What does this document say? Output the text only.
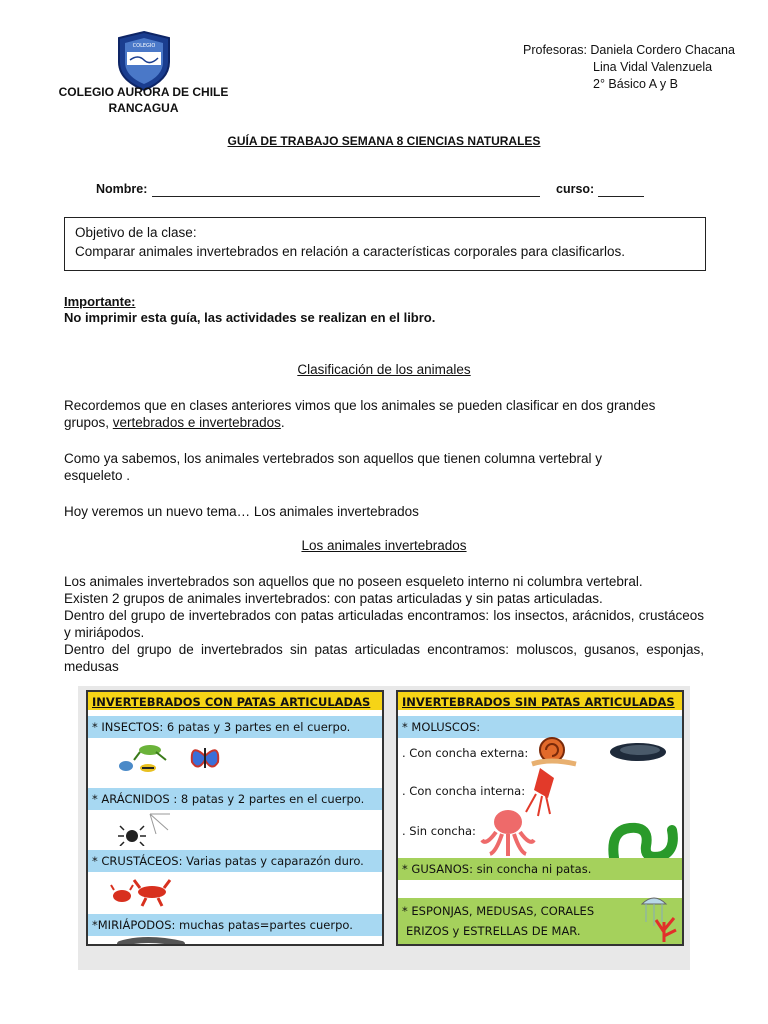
COLEGIO
COLEGIO AURORA DE CHILE
RANCAGUA
Profesoras: Daniela Cordero Chacana
Lina Vidal Valenzuela
2° Básico A y B
GUÍA DE TRABAJO SEMANA 8 CIENCIAS NATURALES
Nombre:	curso:
Objetivo de la clase:
Comparar animales invertebrados en relación a características corporales para clasificarlos.
Importante:
No imprimir esta guía, las actividades se realizan en el libro.
Clasificación de los animales

Recordemos que en clases anteriores vimos que los animales se pueden clasificar en dos grandes grupos, vertebrados e invertebrados.

Como ya sabemos, los animales vertebrados son aquellos que tienen columna vertebral y esqueleto .

Hoy veremos un nuevo tema… Los animales invertebrados

Los animales invertebrados

Los animales invertebrados son aquellos que no poseen esqueleto interno ni columbra vertebral.

Existen 2 grupos de animales invertebrados: con patas articuladas y sin patas articuladas.

Dentro del grupo de invertebrados con patas articuladas encontramos: los insectos, arácnidos, crustáceos y miriápodos.

Dentro del grupo de invertebrados sin patas articuladas encontramos: moluscos, gusanos, esponjas, medusas

INVERTEBRADOS CON PATAS ARTICULADAS
* INSECTOS: 6 patas y 3 partes en el cuerpo.
* ARÁCNIDOS : 8 patas y 2 partes en el cuerpo.
* CRUSTÁCEOS: Varias patas y caparazón duro.
*MIRIÁPODOS: muchas patas=partes cuerpo.
INVERTEBRADOS SIN PATAS ARTICULADAS
* MOLUSCOS:
. Con concha externa:
. Con concha interna:
. Sin concha:
* GUSANOS: sin concha ni patas.
* ESPONJAS, MEDUSAS, CORALES
ERIZOS y ESTRELLAS DE MAR.
